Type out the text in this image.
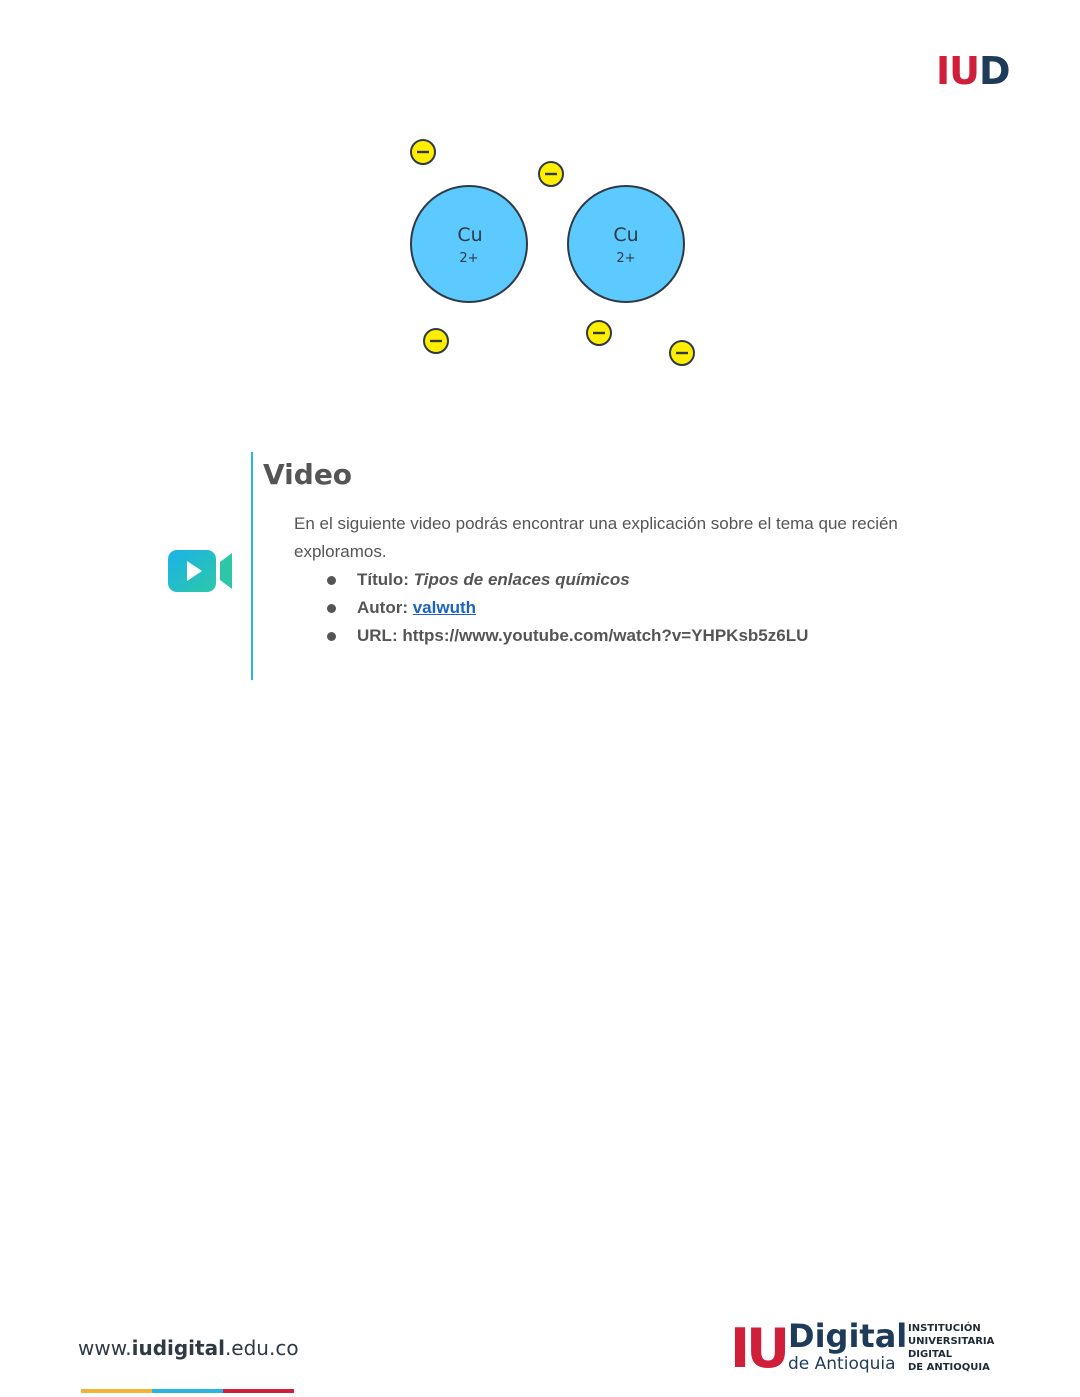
IUD
Cu
2+
Cu
2+
Video

En el siguiente video podrás encontrar una explicación sobre el tema que recién exploramos.

Título: Tipos de enlaces químicos
Autor: valwuth
URL: https://www.youtube.com/watch?v=YHPKsb5z6LU
www.iudigital.edu.co	IU Digital
de Antioquia
INSTITUCIÓN
UNIVERSITARIA
DIGITAL
DE ANTIOQUIA
